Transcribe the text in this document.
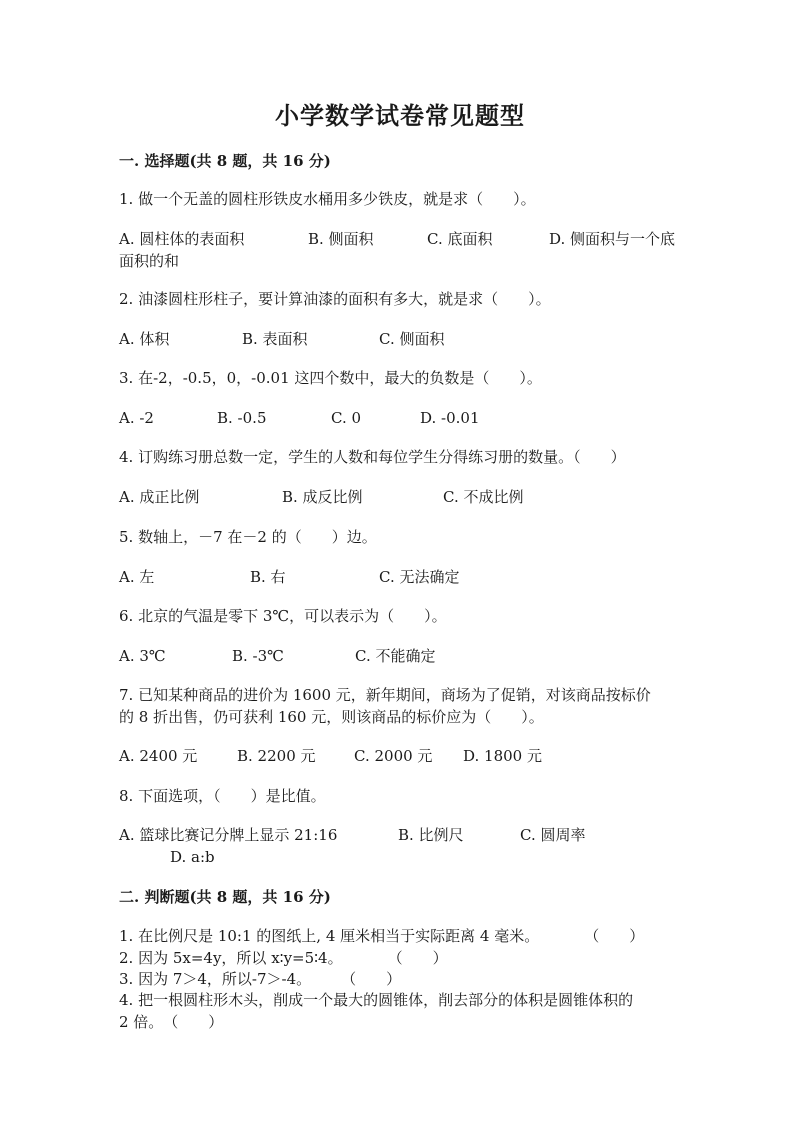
小学数学试卷常见题型
一. 选择题(共 8 题，共 16 分)
1. 做一个无盖的圆柱形铁皮水桶用多少铁皮，就是求（　　）。
A. 圆柱体的表面积	B. 侧面积	C. 底面积	D. 侧面积与一个底
面积的和
2. 油漆圆柱形柱子，要计算油漆的面积有多大，就是求（　　）。
A. 体积	B. 表面积	C. 侧面积
3. 在-2，-0.5，0，-0.01 这四个数中，最大的负数是（　　）。
A. -2	B. -0.5	C. 0	D. -0.01
4. 订购练习册总数一定，学生的人数和每位学生分得练习册的数量。（　　）
A. 成正比例	B. 成反比例	C. 不成比例
5. 数轴上，－7 在－2 的（　　）边。
A. 左	B. 右	C. 无法确定
6. 北京的气温是零下 3℃，可以表示为（　　）。
A. 3℃	B. -3℃	C. 不能确定
7. 已知某种商品的进价为 1600 元，新年期间，商场为了促销，对该商品按标价
的 8 折出售，仍可获利 160 元，则该商品的标价应为（　　）。
A. 2400 元	B. 2200 元	C. 2000 元 D. 1800 元
8. 下面选项，（　　）是比值。
A. 篮球比赛记分牌上显示 21:16	B. 比例尺	C. 圆周率
D. a:b
二. 判断题(共 8 题，共 16 分)
1. 在比例尺是 10:1 的图纸上, 4 厘米相当于实际距离 4 毫米。　　　　（　　）
2. 因为 5x=4y，所以 x∶y=5∶4。　　　　（　　）
3. 因为 7＞4，所以-7＞-4。　　　（　　）
4. 把一根圆柱形木头，削成一个最大的圆锥体，削去部分的体积是圆锥体积的
2 倍。　（　　）
